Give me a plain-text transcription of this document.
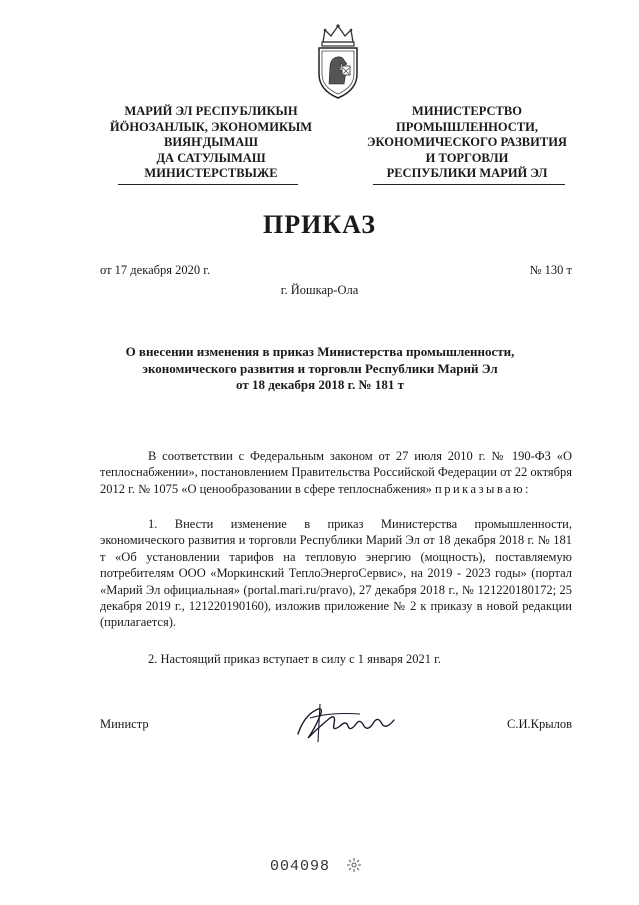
МАРИЙ ЭЛ РЕСПУБЛИКЫН
ЙӦНОЗАНЛЫК, ЭКОНОМИКЫМ
ВИЯҤДЫМАШ
ДА САТУЛЫМАШ
МИНИСТЕРСТВЫЖЕ
МИНИСТЕРСТВО
ПРОМЫШЛЕННОСТИ,
ЭКОНОМИЧЕСКОГО РАЗВИТИЯ
И ТОРГОВЛИ
РЕСПУБЛИКИ МАРИЙ ЭЛ
ПРИКАЗ
от 17 декабря 2020 г.	№ 130 т
г. Йошкар-Ола
О внесении изменения в приказ Министерства промышленности,
экономического развития и торговли Республики Марий Эл
от 18 декабря 2018 г. № 181 т
В соответствии с Федеральным законом от 27 июля 2010 г. № 190-ФЗ «О теплоснабжении», постановлением Правительства Российской Федерации от 22 октября 2012 г. № 1075 «О ценообразовании в сфере теплоснабжения» приказываю:
1. Внести изменение в приказ Министерства промышленности, экономического развития и торговли Республики Марий Эл от 18 декабря 2018 г. № 181 т «Об установлении тарифов на тепловую энергию (мощность), поставляемую потребителям ООО «Моркинский ТеплоЭнергоСервис», на 2019 - 2023 годы» (портал «Марий Эл официальная» (portal.mari.ru/pravo), 27 декабря 2018 г., № 121220180172; 25 декабря 2019 г., 121220190160), изложив приложение № 2 к приказу в новой редакции (прилагается).
2. Настоящий приказ вступает в силу с 1 января 2021 г.
Министр	С.И.Крылов
004098
